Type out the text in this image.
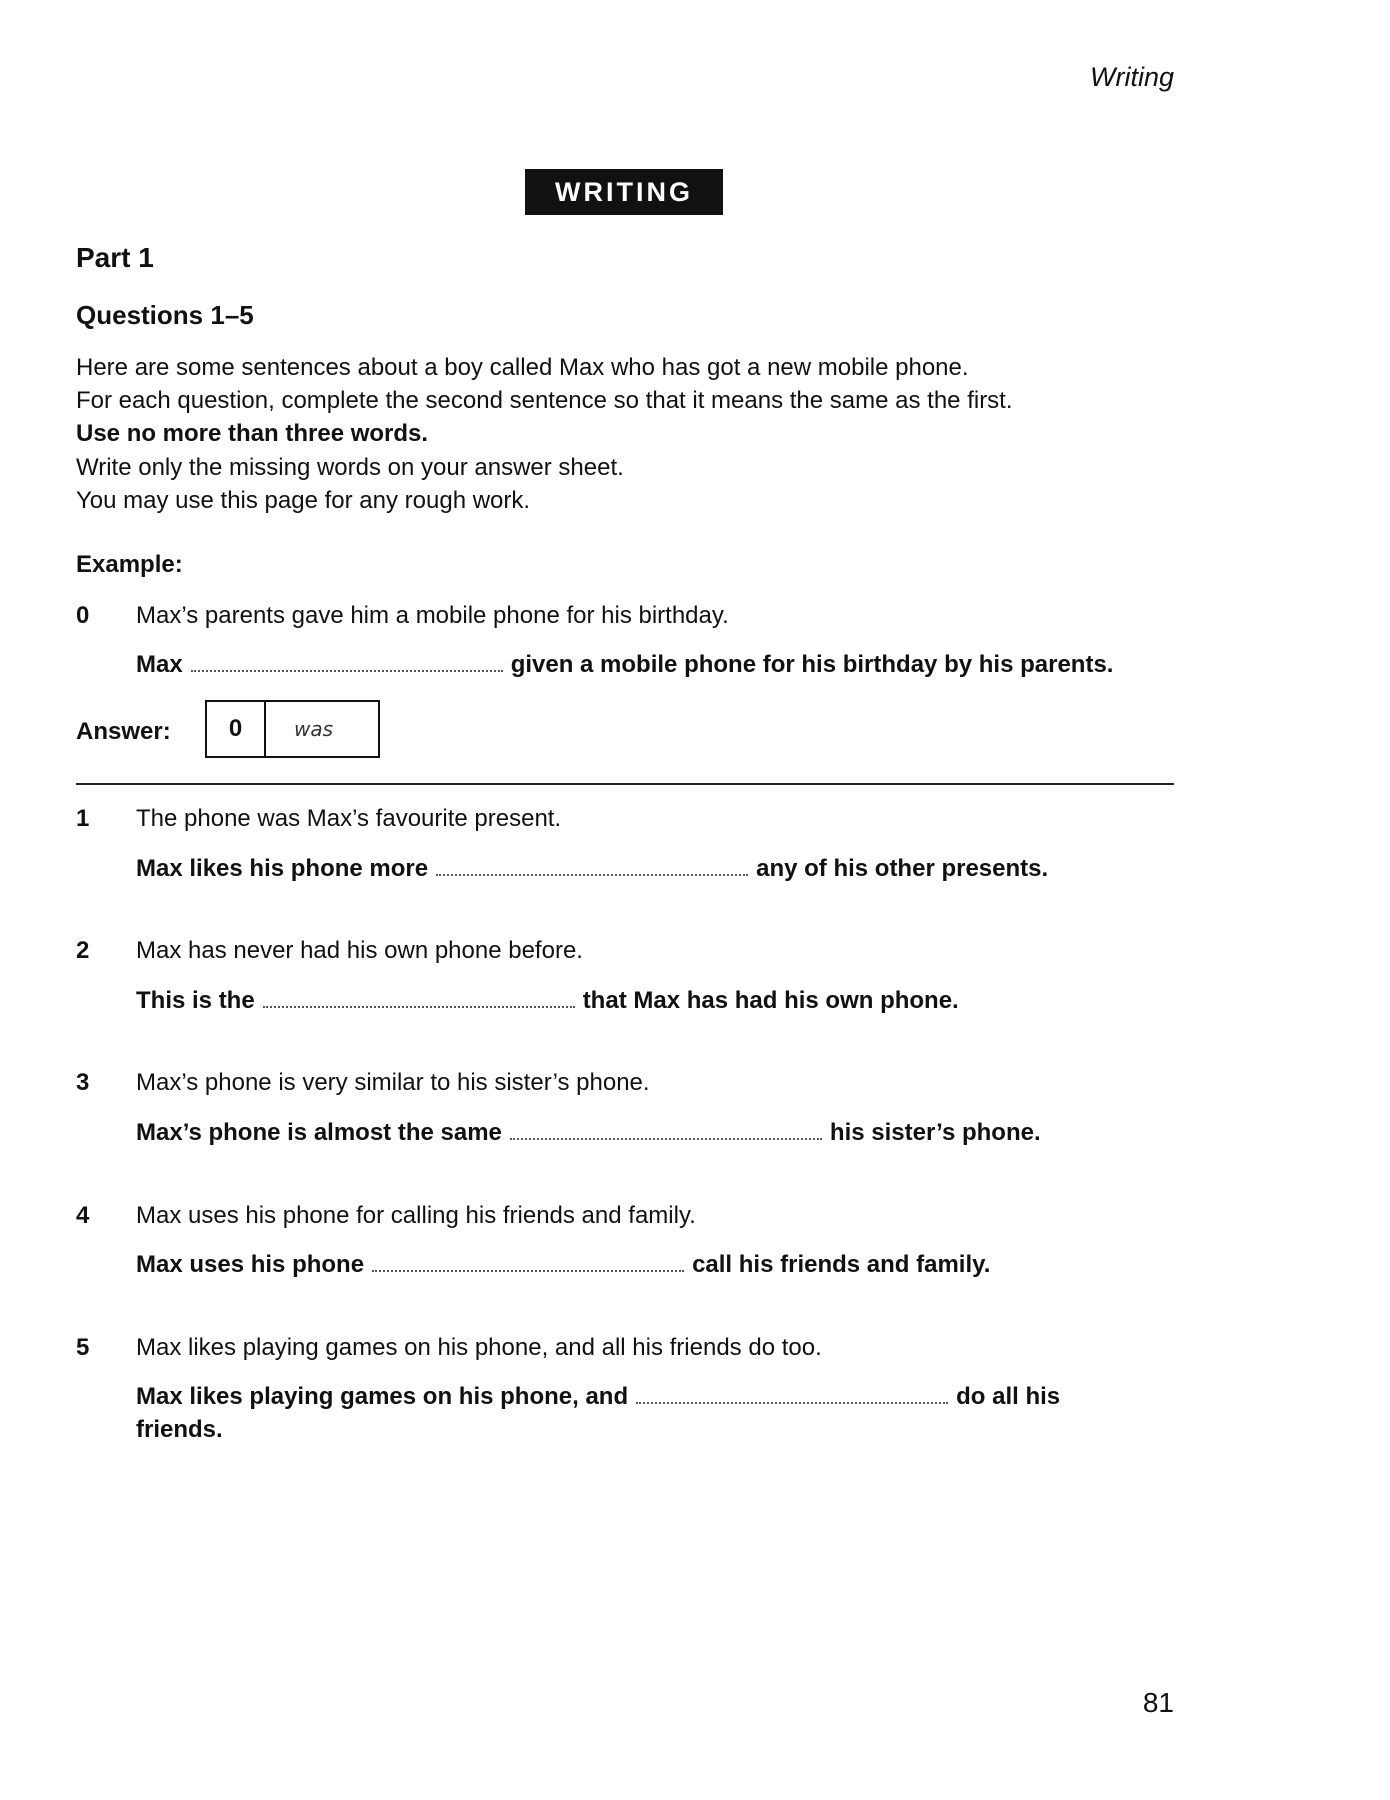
Writing
WRITING
Part 1
Questions 1–5
Here are some sentences about a boy called Max who has got a new mobile phone.
For each question, complete the second sentence so that it means the same as the first.
Use no more than three words.
Write only the missing words on your answer sheet.
You may use this page for any rough work.
Example:
0 Max’s parents gave him a mobile phone for his birthday.
Max	given a mobile phone for his birthday by his parents.
Answer:	0	was
1 The phone was Max’s favourite present.
Max likes his phone more	any of his other presents.
2 Max has never had his own phone before.
This is the	that Max has had his own phone.
3 Max’s phone is very similar to his sister’s phone.
Max’s phone is almost the same	his sister’s phone.
4 Max uses his phone for calling his friends and family.
Max uses his phone	call his friends and family.
5 Max likes playing games on his phone, and all his friends do too.
Max likes playing games on his phone, and	do all his
friends.
81
